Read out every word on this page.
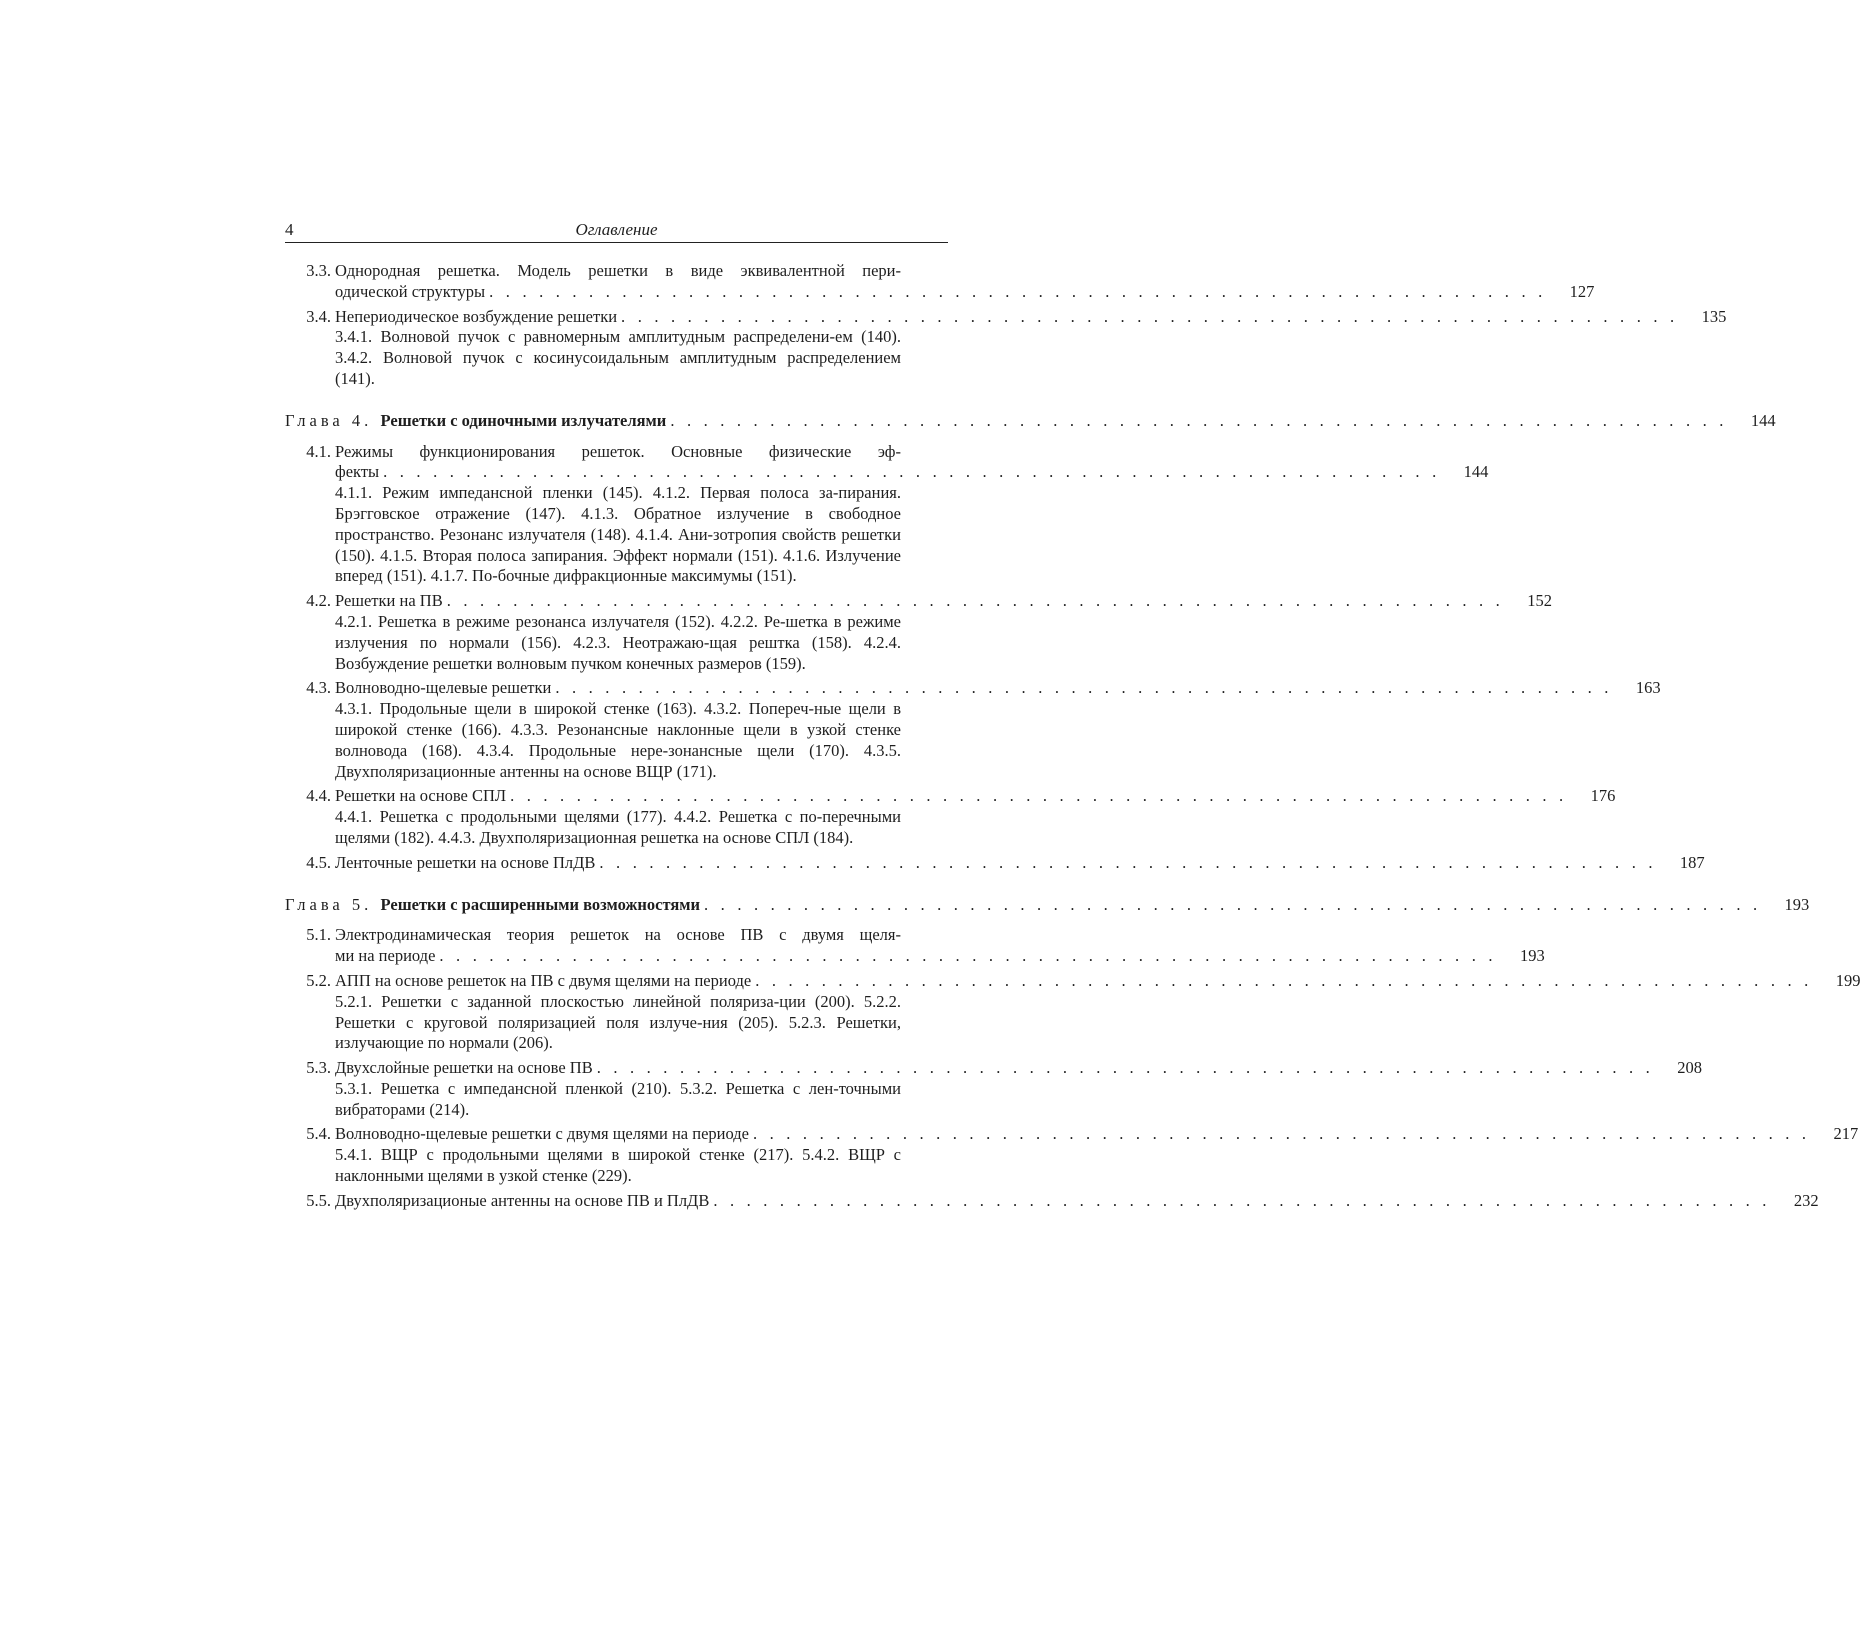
4	Оглавление
3.3. Однородная решетка. Модель решетки в виде эквивалентной пери-
одической структуры . . . . . . . . . . . . . . . . . . . . . . . . . . . . . . . . . . . . . . . . . . . . . . . . . . . . . . . . . . . . . . . .	127
3.4. Непериодическое возбуждение решетки . . . . . . . . . . . . . . . . . . . . . . . . . . . . . . . . . . . . . . . . . . . . . . . . . . . . . . . . . . . . . . . .	135
3.4.1. Волновой пучок с равномерным амплитудным распределени-ем (140). 3.4.2. Волновой пучок с косинусоидальным амплитудным распределением (141).
Глава 4. Решетки с одиночными излучателями . . . . . . . . . . . . . . . . . . . . . . . . . . . . . . . . . . . . . . . . . . . . . . . . . . . . . . . . . . . . . . . .	144
4.1. Режимы функционирования решеток. Основные физические эф-
фекты . . . . . . . . . . . . . . . . . . . . . . . . . . . . . . . . . . . . . . . . . . . . . . . . . . . . . . . . . . . . . . . .	144
4.1.1. Режим импедансной пленки (145). 4.1.2. Первая полоса за-пирания. Брэгговское отражение (147). 4.1.3. Обратное излучение в свободное пространство. Резонанс излучателя (148). 4.1.4. Ани-зотропия свойств решетки (150). 4.1.5. Вторая полоса запирания. Эффект нормали (151). 4.1.6. Излучение вперед (151). 4.1.7. По-бочные дифракционные максимумы (151).
4.2. Решетки на ПВ . . . . . . . . . . . . . . . . . . . . . . . . . . . . . . . . . . . . . . . . . . . . . . . . . . . . . . . . . . . . . . . .	152
4.2.1. Решетка в режиме резонанса излучателя (152). 4.2.2. Ре-шетка в режиме излучения по нормали (156). 4.2.3. Неотражаю-щая рештка (158). 4.2.4. Возбуждение решетки волновым пучком конечных размеров (159).
4.3. Волноводно-щелевые решетки . . . . . . . . . . . . . . . . . . . . . . . . . . . . . . . . . . . . . . . . . . . . . . . . . . . . . . . . . . . . . . . .	163
4.3.1. Продольные щели в широкой стенке (163). 4.3.2. Попереч-ные щели в широкой стенке (166). 4.3.3. Резонансные наклонные щели в узкой стенке волновода (168). 4.3.4. Продольные нере-зонансные щели (170). 4.3.5. Двухполяризационные антенны на основе ВЩР (171).
4.4. Решетки на основе СПЛ . . . . . . . . . . . . . . . . . . . . . . . . . . . . . . . . . . . . . . . . . . . . . . . . . . . . . . . . . . . . . . . .	176
4.4.1. Решетка с продольными щелями (177). 4.4.2. Решетка с по-перечными щелями (182). 4.4.3. Двухполяризационная решетка на основе СПЛ (184).
4.5. Ленточные решетки на основе ПлДВ . . . . . . . . . . . . . . . . . . . . . . . . . . . . . . . . . . . . . . . . . . . . . . . . . . . . . . . . . . . . . . . .	187
Глава 5. Решетки с расширенными возможностями . . . . . . . . . . . . . . . . . . . . . . . . . . . . . . . . . . . . . . . . . . . . . . . . . . . . . . . . . . . . . . . .	193
5.1. Электродинамическая теория решеток на основе ПВ с двумя щеля-
ми на периоде . . . . . . . . . . . . . . . . . . . . . . . . . . . . . . . . . . . . . . . . . . . . . . . . . . . . . . . . . . . . . . . .	193
5.2. АПП на основе решеток на ПВ с двумя щелями на периоде . . . . . . . . . . . . . . . . . . . . . . . . . . . . . . . . . . . . . . . . . . . . . . . . . . . . . . . . . . . . . . . .	199
5.2.1. Решетки с заданной плоскостью линейной поляриза-ции (200). 5.2.2. Решетки с круговой поляризацией поля излуче-ния (205). 5.2.3. Решетки, излучающие по нормали (206).
5.3. Двухслойные решетки на основе ПВ . . . . . . . . . . . . . . . . . . . . . . . . . . . . . . . . . . . . . . . . . . . . . . . . . . . . . . . . . . . . . . . .	208
5.3.1. Решетка с импедансной пленкой (210). 5.3.2. Решетка с лен-точными вибраторами (214).
5.4. Волноводно-щелевые решетки с двумя щелями на периоде . . . . . . . . . . . . . . . . . . . . . . . . . . . . . . . . . . . . . . . . . . . . . . . . . . . . . . . . . . . . . . . .	217
5.4.1. ВЩР с продольными щелями в широкой стенке (217). 5.4.2. ВЩР с наклонными щелями в узкой стенке (229).
5.5. Двухполяризационые антенны на основе ПВ и ПлДВ . . . . . . . . . . . . . . . . . . . . . . . . . . . . . . . . . . . . . . . . . . . . . . . . . . . . . . . . . . . . . . . .	232
